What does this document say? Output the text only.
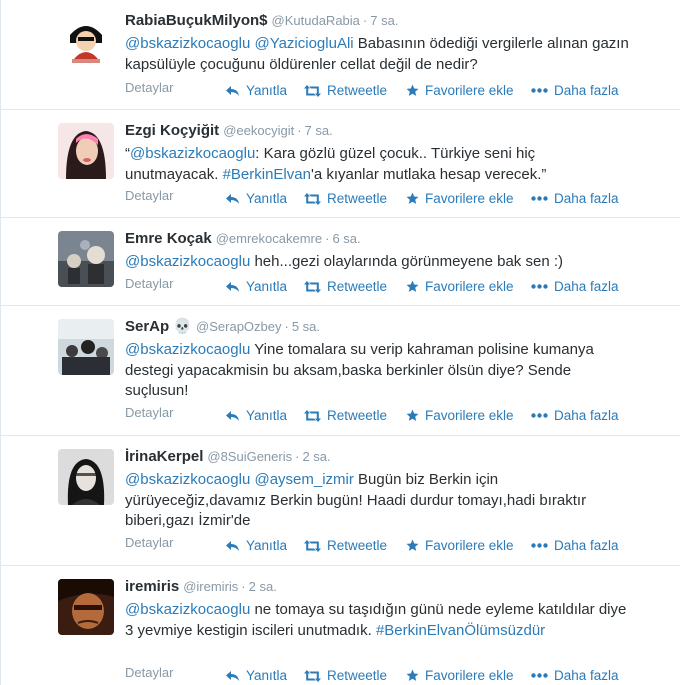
RabiaBuçukMilyon$ @KutudaRabia · 7 sa.
@bskazizkocaoglu @YaziciogluAli Babasının ödediği vergilerle alınan gazın kapsülüyle çocuğunu öldürenler cellat değil de nedir?
Detaylar	Yanıtla	Retweetle	Favorilere ekle	Daha fazla
Ezgi Koçyiğit @eekocyigit · 7 sa.
“@bskazizkocaoglu: Kara gözlü güzel çocuk.. Türkiye seni hiç unutmayacak. #BerkinElvan'a kıyanlar mutlaka hesap verecek.”
Detaylar	Yanıtla	Retweetle	Favorilere ekle	Daha fazla
Emre Koçak @emrekocakemre · 6 sa.
@bskazizkocaoglu heh...gezi olaylarında görünmeyene bak sen :)
Detaylar	Yanıtla	Retweetle	Favorilere ekle	Daha fazla
SerAp 💀 @SerapOzbey · 5 sa.
@bskazizkocaoglu Yine tomalara su verip kahraman polisine kumanya destegi yapacakmisin bu aksam,baska berkinler ölsün diye? Sende suçlusun!
Detaylar	Yanıtla	Retweetle	Favorilere ekle	Daha fazla
İrinaKerpel @8SuiGeneris · 2 sa.
@bskazizkocaoglu @aysem_izmir Bugün biz Berkin için yürüyeceğiz,davamız Berkin bugün! Haadi durdur tomayı,hadi bıraktır biberi,gazı İzmir'de
Detaylar	Yanıtla	Retweetle	Favorilere ekle	Daha fazla
iremiris @iremiris · 2 sa.
@bskazizkocaoglu ne tomaya su taşıdığın günü nede eyleme katıldılar diye 3 yevmiye kestigin iscileri unutmadık. #BerkinElvanÖlümsüzdür
Detaylar	Yanıtla	Retweetle	Favorilere ekle	Daha fazla
